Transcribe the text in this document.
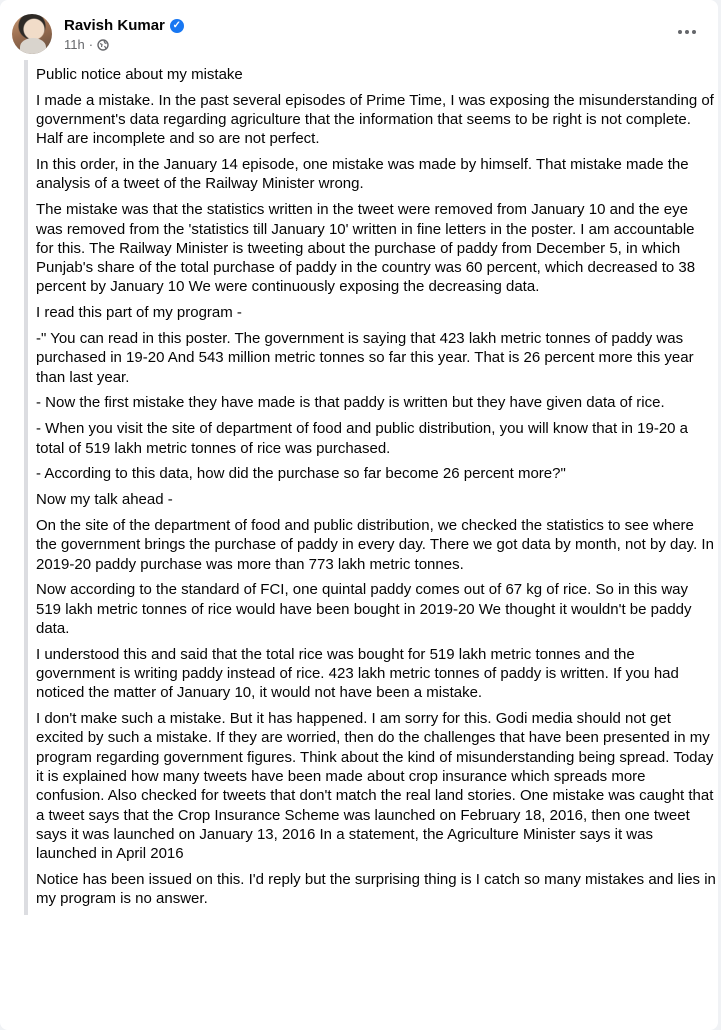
Ravish Kumar ✓
11h ·

Public notice about my mistake

I made a mistake. In the past several episodes of Prime Time, I was exposing the misunderstanding of government's data regarding agriculture that the information that seems to be right is not complete. Half are incomplete and so are not perfect.

In this order, in the January 14 episode, one mistake was made by himself. That mistake made the analysis of a tweet of the Railway Minister wrong.

The mistake was that the statistics written in the tweet were removed from January 10 and the eye was removed from the 'statistics till January 10' written in fine letters in the poster. I am accountable for this. The Railway Minister is tweeting about the purchase of paddy from December 5, in which Punjab's share of the total purchase of paddy in the country was 60 percent, which decreased to 38 percent by January 10 We were continuously exposing the decreasing data.

I read this part of my program -

-" You can read in this poster. The government is saying that 423 lakh metric tonnes of paddy was purchased in 19-20 And 543 million metric tonnes so far this year. That is 26 percent more this year than last year.

- Now the first mistake they have made is that paddy is written but they have given data of rice.

- When you visit the site of department of food and public distribution, you will know that in 19-20 a total of 519 lakh metric tonnes of rice was purchased.

- According to this data, how did the purchase so far become 26 percent more?"

Now my talk ahead -

On the site of the department of food and public distribution, we checked the statistics to see where the government brings the purchase of paddy in every day. There we got data by month, not by day. In 2019-20 paddy purchase was more than 773 lakh metric tonnes.

Now according to the standard of FCI, one quintal paddy comes out of 67 kg of rice. So in this way 519 lakh metric tonnes of rice would have been bought in 2019-20 We thought it wouldn't be paddy data.

I understood this and said that the total rice was bought for 519 lakh metric tonnes and the government is writing paddy instead of rice. 423 lakh metric tonnes of paddy is written. If you had noticed the matter of January 10, it would not have been a mistake.

I don't make such a mistake. But it has happened. I am sorry for this. Godi media should not get excited by such a mistake. If they are worried, then do the challenges that have been presented in my program regarding government figures. Think about the kind of misunderstanding being spread. Today it is explained how many tweets have been made about crop insurance which spreads more confusion. Also checked for tweets that don't match the real land stories. One mistake was caught that a tweet says that the Crop Insurance Scheme was launched on February 18, 2016, then one tweet says it was launched on January 13, 2016 In a statement, the Agriculture Minister says it was launched in April 2016

Notice has been issued on this. I'd reply but the surprising thing is I catch so many mistakes and lies in my program is no answer.
